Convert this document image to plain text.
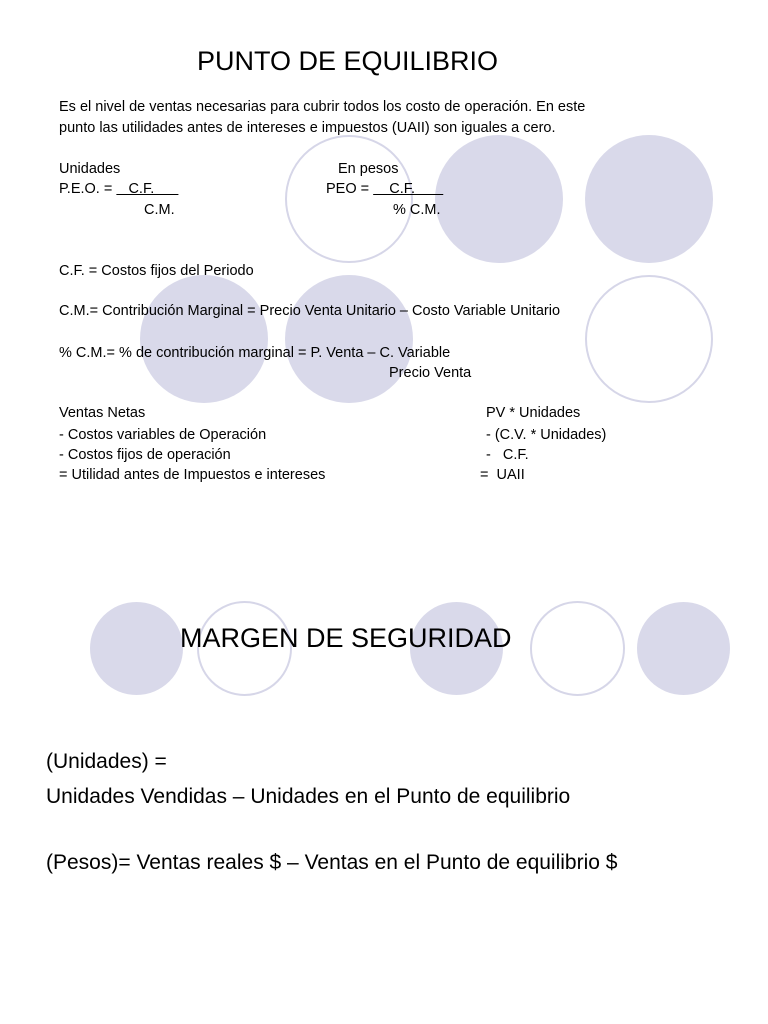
PUNTO DE EQUILIBRIO
Es el nivel de ventas necesarias para cubrir todos los costo de operación. En este
punto las utilidades antes de intereses e impuestos (UAII) son iguales a cero.
Unidades
P.E.O. =    C.F.
C.M.
En pesos
PEO =     C.F.
% C.M.
C.F. = Costos fijos del Periodo
C.M.= Contribución Marginal = Precio Venta Unitario – Costo Variable Unitario
% C.M.= % de contribución marginal = P. Venta – C. Variable
Precio Venta
Ventas Netas
- Costos variables de Operación
- Costos fijos de operación
= Utilidad antes de Impuestos e intereses
PV * Unidades
- (C.V. * Unidades)
-   C.F.
=  UAII
MARGEN DE SEGURIDAD
(Unidades) =
Unidades Vendidas – Unidades en el Punto de equilibrio
(Pesos)= Ventas reales $ – Ventas en el Punto de equilibrio $
